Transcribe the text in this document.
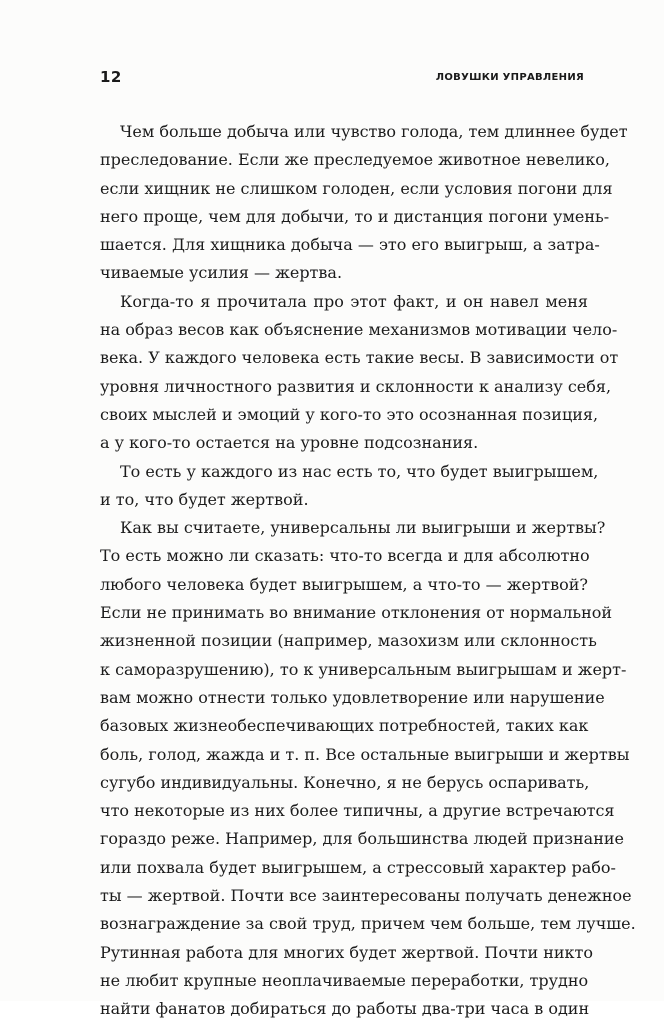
12	ЛОВУШКИ УПРАВЛЕНИЯ

Чем больше добыча или чувство голода, тем длиннее будет
преследование. Если же преследуемое животное невелико,
если хищник не слишком голоден, если условия погони для
него проще, чем для добычи, то и дистанция погони умень-
шается. Для хищника добыча — это его выигрыш, а затра-
чиваемые усилия — жертва.

Когда-то я прочитала про этот факт, и он навел меня
на образ весов как объяснение механизмов мотивации чело-
века. У каждого человека есть такие весы. В зависимости от
уровня личностного развития и склонности к анализу себя,
своих мыслей и эмоций у кого-то это осознанная позиция,
а у кого-то остается на уровне подсознания.

То есть у каждого из нас есть то, что будет выигрышем,
и то, что будет жертвой.

Как вы считаете, универсальны ли выигрыши и жертвы?
То есть можно ли сказать: что-то всегда и для абсолютно
любого человека будет выигрышем, а что-то — жертвой?
Если не принимать во внимание отклонения от нормальной
жизненной позиции (например, мазохизм или склонность
к саморазрушению), то к универсальным выигрышам и жерт-
вам можно отнести только удовлетворение или нарушение
базовых жизнеобеспечивающих потребностей, таких как
боль, голод, жажда и т. п. Все остальные выигрыши и жертвы
сугубо индивидуальны. Конечно, я не берусь оспаривать,
что некоторые из них более типичны, а другие встречаются
гораздо реже. Например, для большинства людей признание
или похвала будет выигрышем, а стрессовый характер рабо-
ты — жертвой. Почти все заинтересованы получать денежное
вознаграждение за свой труд, причем чем больше, тем лучше.
Рутинная работа для многих будет жертвой. Почти никто
не любит крупные неоплачиваемые переработки, трудно
найти фанатов добираться до работы два-три часа в один
